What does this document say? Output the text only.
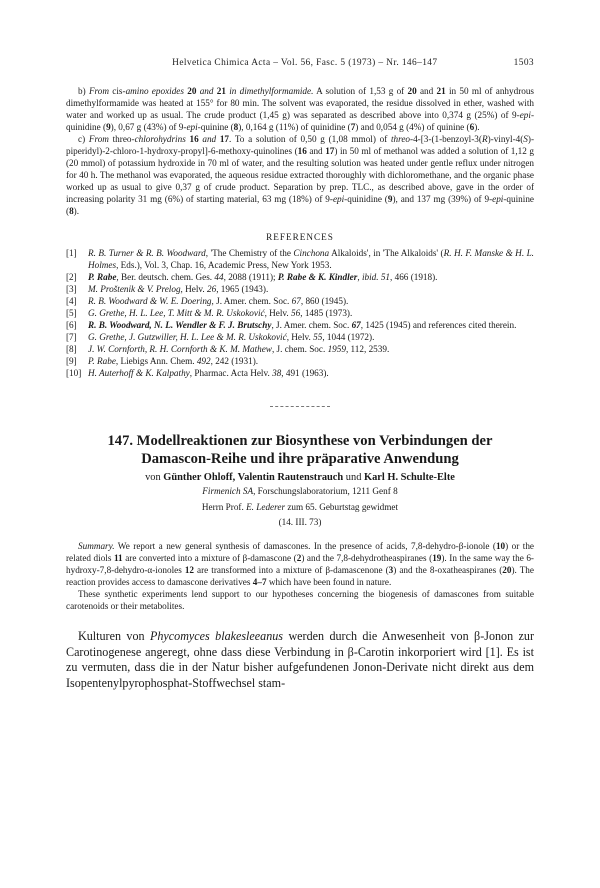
Helvetica Chimica Acta – Vol. 56, Fasc. 5 (1973) – Nr. 146–147	1503

b) From cis-amino epoxides 20 and 21 in dimethylformamide. A solution of 1,53 g of 20 and 21 in 50 ml of anhydrous dimethylformamide was heated at 155° for 80 min. The solvent was evaporated, the residue dissolved in ether, washed with water and worked up as usual. The crude product (1,45 g) was separated as described above into 0,374 g (25%) of 9-epi-quinidine (9), 0,67 g (43%) of 9-epi-quinine (8), 0,164 g (11%) of quinidine (7) and 0,054 g (4%) of quinine (6).

c) From threo-chlorohydrins 16 and 17. To a solution of 0,50 g (1,08 mmol) of threo-4-[3-(1-benzoyl-3(R)-vinyl-4(S)-piperidyl)-2-chloro-1-hydroxy-propyl]-6-methoxy-quinolines (16 and 17) in 50 ml of methanol was added a solution of 1,12 g (20 mmol) of potassium hydroxide in 70 ml of water, and the resulting solution was heated under gentle reflux under nitrogen for 40 h. The methanol was evaporated, the aqueous residue extracted thoroughly with dichloromethane, and the organic phase worked up as usual to give 0,37 g of crude product. Separation by prep. TLC., as described above, gave in the order of increasing polarity 31 mg (6%) of starting material, 63 mg (18%) of 9-epi-quinidine (9), and 137 mg (39%) of 9-epi-quinine (8).

REFERENCES
[1]	R. B. Turner & R. B. Woodward, 'The Chemistry of the Cinchona Alkaloids', in 'The Alkaloids' (R. H. F. Manske & H. L. Holmes, Eds.), Vol. 3, Chap. 16, Academic Press, New York 1953.
[2]	P. Rabe, Ber. deutsch. chem. Ges. 44, 2088 (1911); P. Rabe & K. Kindler, ibid. 51, 466 (1918).
[3]	M. Proštenik & V. Prelog, Helv. 26, 1965 (1943).
[4]	R. B. Woodward & W. E. Doering, J. Amer. chem. Soc. 67, 860 (1945).
[5]	G. Grethe, H. L. Lee, T. Mitt & M. R. Uskoković, Helv. 56, 1485 (1973).
[6]	R. B. Woodward, N. L. Wendler & F. J. Brutschy, J. Amer. chem. Soc. 67, 1425 (1945) and references cited therein.
[7]	G. Grethe, J. Gutzwiller, H. L. Lee & M. R. Uskoković, Helv. 55, 1044 (1972).
[8]	J. W. Cornforth, R. H. Cornforth & K. M. Mathew, J. chem. Soc. 1959, 112, 2539.
[9]	P. Rabe, Liebigs Ann. Chem. 492, 242 (1931).
[10] H. Auterhoff & K. Kalpathy, Pharmac. Acta Helv. 38, 491 (1963).
147. Modellreaktionen zur Biosynthese von Verbindungen der
Damascon-Reihe und ihre präparative Anwendung
von Günther Ohloff, Valentin Rautenstrauch und Karl H. Schulte-Elte
Firmenich SA, Forschungslaboratorium, 1211 Genf 8
Herrn Prof. E. Lederer zum 65. Geburtstag gewidmet
(14. III. 73)

Summary. We report a new general synthesis of damascones. In the presence of acids, 7,8-dehydro-β-ionole (10) or the related diols 11 are converted into a mixture of β-damascone (2) and the 7,8-dehydrotheaspiranes (19). In the same way the 6-hydroxy-7,8-dehydro-α-ionoles 12 are transformed into a mixture of β-damascenone (3) and the 8-oxatheaspiranes (20). The reaction provides access to damascone derivatives 4–7 which have been found in nature.

These synthetic experiments lend support to our hypotheses concerning the biogenesis of damascones from suitable carotenoids or their metabolites.

Kulturen von Phycomyces blakesleeanus werden durch die Anwesenheit von β-Jonon zur Carotinogenese angeregt, ohne dass diese Verbindung in β-Carotin inkorporiert wird [1]. Es ist zu vermuten, dass die in der Natur bisher aufgefundenen Jonon-Derivate nicht direkt aus dem Isopentenylpyrophosphat-Stoffwechsel stam-
